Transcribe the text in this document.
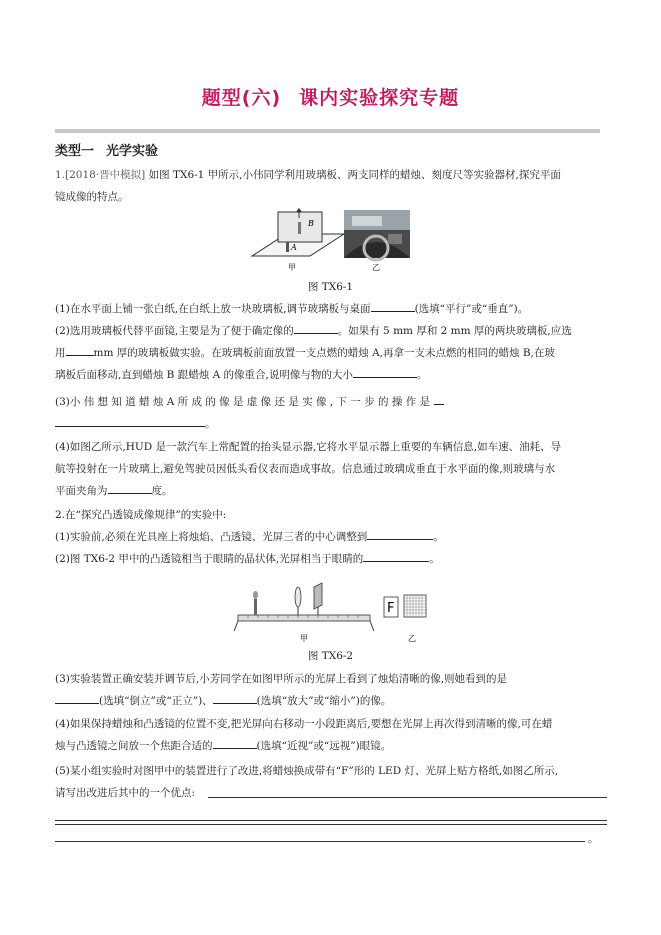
题型(六) 课内实验探究专题
类型一 光学实验
1.[2018·晋中模拟] 如图 TX6-1 甲所示,小伟同学利用玻璃板、两支同样的蜡烛、刻度尺等实验器材,探究平面
镜成像的特点。
B
A
甲	乙
图 TX6-1
(1)在水平面上铺一张白纸,在白纸上放一块玻璃板,调节玻璃板与桌面	(选填“平行”或“垂直”)。
(2)选用玻璃板代替平面镜,主要是为了便于确定像的	。如果有 5 mm 厚和 2 mm 厚的两块玻璃板,应选
用	mm 厚的玻璃板做实验。在玻璃板前面放置一支点燃的蜡烛 A,再拿一支未点燃的相同的蜡烛 B,在玻
璃板后面移动,直到蜡烛 B 跟蜡烛 A 的像重合,说明像与物的大小	。
(3)小 伟 想 知 道 蜡 烛 A 所 成 的 像 是 虚 像 还 是 实 像 , 下 一 步 的 操 作 是
。
(4)如图乙所示,HUD 是一款汽车上常配置的抬头显示器,它将水平显示器上重要的车辆信息,如车速、油耗、导
航等投射在一片玻璃上,避免驾驶员因低头看仪表而造成事故。信息通过玻璃成垂直于水平面的像,则玻璃与水
平面夹角为	度。
2.在“探究凸透镜成像规律”的实验中:
(1)实验前,必须在光具座上将烛焰、凸透镜、光屏三者的中心调整到	。
(2)图 TX6-2 甲中的凸透镜相当于眼睛的晶状体,光屏相当于眼睛的	。
甲
F
乙
图 TX6-2
(3)实验装置正确安装并调节后,小芳同学在如图甲所示的光屏上看到了烛焰清晰的像,则她看到的是
(选填“倒立”或“正立”)、	(选填“放大”或“缩小”)的像。
(4)如果保持蜡烛和凸透镜的位置不变,把光屏向右移动一小段距离后,要想在光屏上再次得到清晰的像,可在蜡
烛与凸透镜之间放一个焦距合适的	(选填“近视”或“远视”)眼镜。
(5)某小组实验时对图甲中的装置进行了改进,将蜡烛换成带有“F”形的 LED 灯、光屏上贴方格纸,如图乙所示,
请写出改进后其中的一个优点:
。
